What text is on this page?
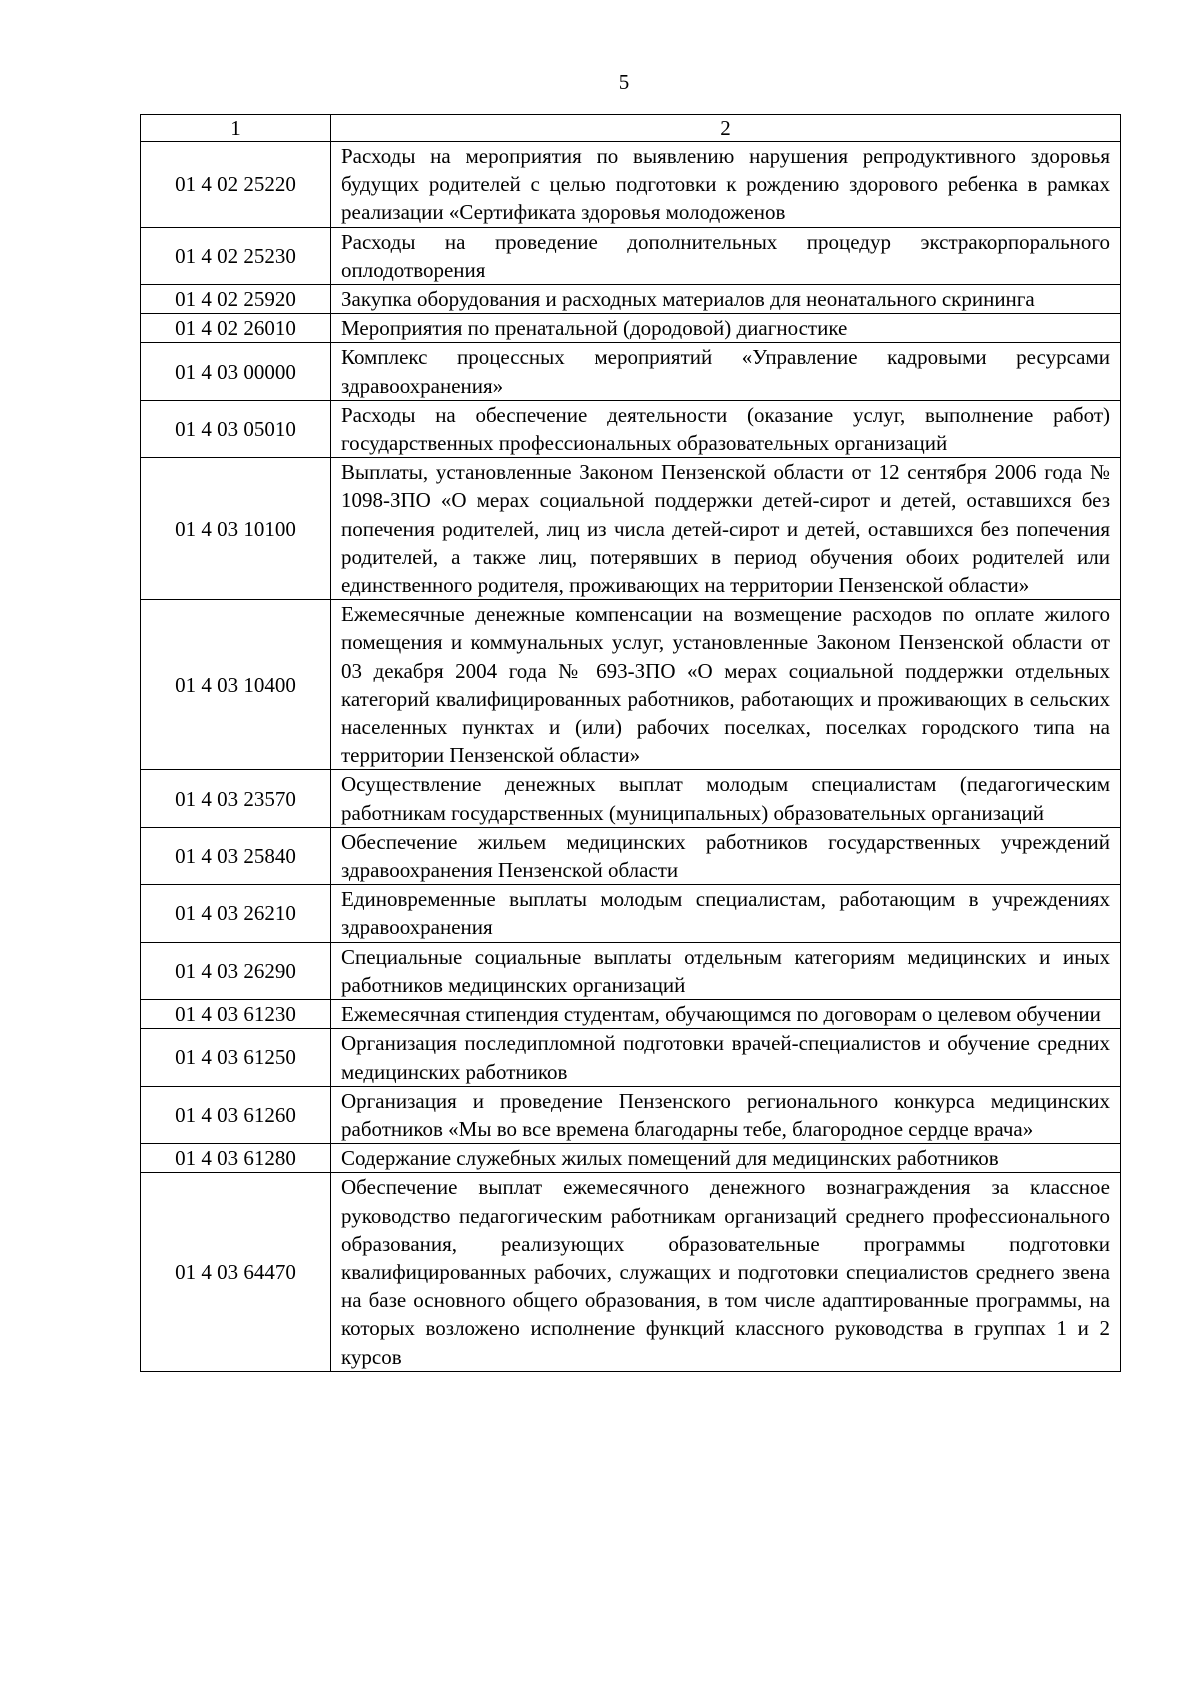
5
1	2
01 4 02 25220	Расходы на мероприятия по выявлению нарушения репродуктивного здоровья будущих родителей с целью подготовки к рождению здорового ребенка в рамках реализации «Сертификата здоровья молодоженов
01 4 02 25230	Расходы на проведение дополнительных процедур экстракорпорального оплодотворения
01 4 02 25920	Закупка оборудования и расходных материалов для неонатального скрининга
01 4 02 26010	Мероприятия по пренатальной (дородовой) диагностике
01 4 03 00000	Комплекс процессных мероприятий «Управление кадровыми ресурсами здравоохранения»
01 4 03 05010	Расходы на обеспечение деятельности (оказание услуг, выполнение работ) государственных профессиональных образовательных организаций
01 4 03 10100	Выплаты, установленные Законом Пензенской области от 12 сентября 2006 года № 1098-ЗПО «О мерах социальной поддержки детей-сирот и детей, оставшихся без попечения родителей, лиц из числа детей-сирот и детей, оставшихся без попечения родителей, а также лиц, потерявших в период обучения обоих родителей или единственного родителя, проживающих на территории Пензенской области»
01 4 03 10400	Ежемесячные денежные компенсации на возмещение расходов по оплате жилого помещения и коммунальных услуг, установленные Законом Пензенской области от 03 декабря 2004 года № 693-ЗПО «О мерах социальной поддержки отдельных категорий квалифицированных работников, работающих и проживающих в сельских населенных пунктах и (или) рабочих поселках, поселках городского типа на территории Пензенской области»
01 4 03 23570	Осуществление денежных выплат молодым специалистам (педагогическим работникам государственных (муниципальных) образовательных организаций
01 4 03 25840	Обеспечение жильем медицинских работников государственных учреждений здравоохранения Пензенской области
01 4 03 26210	Единовременные выплаты молодым специалистам, работающим в учреждениях здравоохранения
01 4 03 26290	Специальные социальные выплаты отдельным категориям медицинских и иных работников медицинских организаций
01 4 03 61230	Ежемесячная стипендия студентам, обучающимся по договорам о целевом обучении
01 4 03 61250	Организация последипломной подготовки врачей-специалистов и обучение средних медицинских работников
01 4 03 61260	Организация и проведение Пензенского регионального конкурса медицинских работников «Мы во все времена благодарны тебе, благородное сердце врача»
01 4 03 61280	Содержание служебных жилых помещений для медицинских работников
01 4 03 64470	Обеспечение выплат ежемесячного денежного вознаграждения за классное руководство педагогическим работникам организаций среднего профессионального образования, реализующих образовательные программы подготовки квалифицированных рабочих, служащих и подготовки специалистов среднего звена на базе основного общего образования, в том числе адаптированные программы, на которых возложено исполнение функций классного руководства в группах 1 и 2 курсов
